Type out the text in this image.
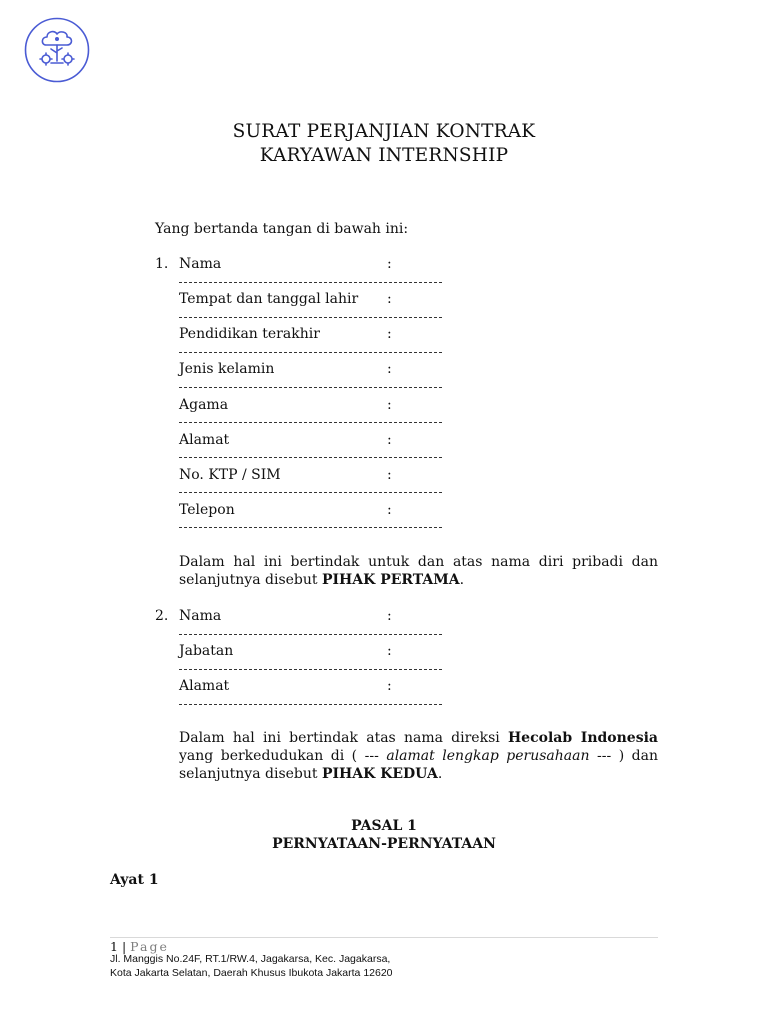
SURAT PERJANJIAN KONTRAK
KARYAWAN INTERNSHIP
Yang bertanda tangan di bawah ini:
1. Nama	:
Tempat dan tanggal lahir :
Pendidikan terakhir	:
Jenis kelamin	:
Agama	:
Alamat	:
No. KTP / SIM	:
Telepon	:
Dalam hal ini bertindak untuk dan atas nama diri pribadi dan selanjutnya disebut PIHAK PERTAMA.
2. Nama	:
Jabatan	:
Alamat	:
Dalam hal ini bertindak atas nama direksi Hecolab Indonesia yang berkedudukan di ( --- alamat lengkap perusahaan --- ) dan selanjutnya disebut PIHAK KEDUA.
PASAL 1
PERNYATAAN-PERNYATAAN
Ayat 1
1 | Page
Jl. Manggis No.24F, RT.1/RW.4, Jagakarsa, Kec. Jagakarsa,
Kota Jakarta Selatan, Daerah Khusus Ibukota Jakarta 12620
